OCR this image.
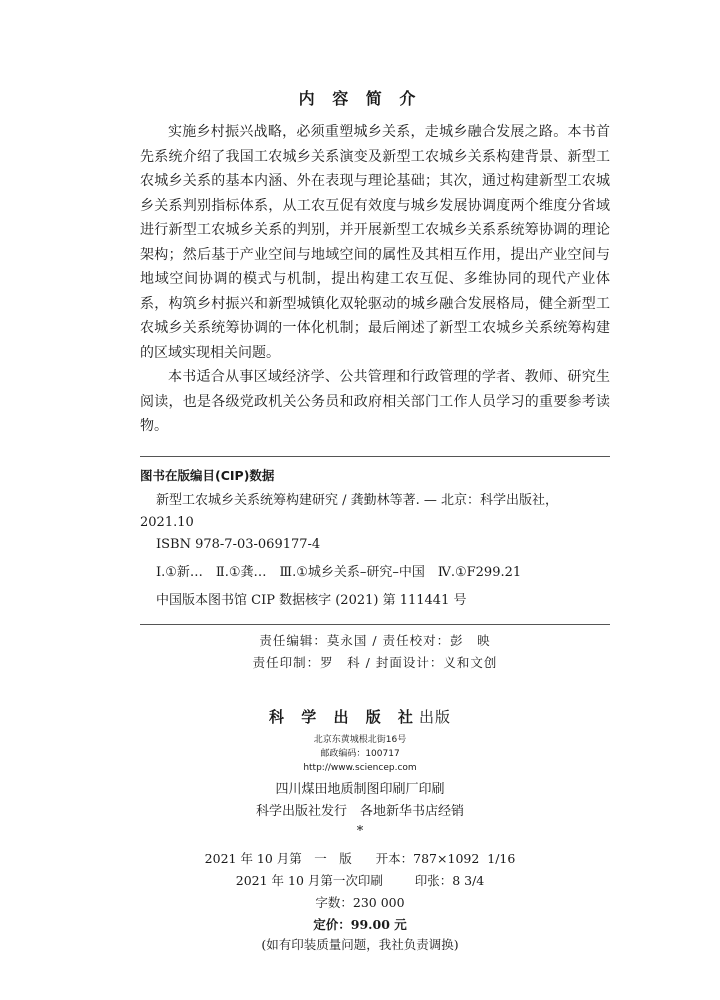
内 容 简 介

实施乡村振兴战略，必须重塑城乡关系，走城乡融合发展之路。本书首先系统介绍了我国工农城乡关系演变及新型工农城乡关系构建背景、新型工农城乡关系的基本内涵、外在表现与理论基础；其次，通过构建新型工农城乡关系判别指标体系，从工农互促有效度与城乡发展协调度两个维度分省域进行新型工农城乡关系的判别，并开展新型工农城乡关系系统筹协调的理论架构；然后基于产业空间与地域空间的属性及其相互作用，提出产业空间与地域空间协调的模式与机制，提出构建工农互促、多维协同的现代产业体系，构筑乡村振兴和新型城镇化双轮驱动的城乡融合发展格局，健全新型工农城乡关系统筹协调的一体化机制；最后阐述了新型工农城乡关系统筹构建的区域实现相关问题。

本书适合从事区域经济学、公共管理和行政管理的学者、教师、研究生阅读，也是各级党政机关公务员和政府相关部门工作人员学习的重要参考读物。

图书在版编目(CIP)数据
新型工农城乡关系统筹构建研究 / 龚勤林等著. — 北京：科学出版社，
2021.10
ISBN 978-7-03-069177-4
Ⅰ.①新…　Ⅱ.①龚…　Ⅲ.①城乡关系–研究–中国　Ⅳ.①F299.21
中国版本图书馆 CIP 数据核字 (2021) 第 111441 号
责任编辑：莫永国 / 责任校对：彭　映
责任印制：罗　科 / 封面设计：义和文创
科 学 出 版 社出版
北京东黄城根北街16号
邮政编码：100717
http://www.sciencep.com
四川煤田地质制图印刷厂印刷
科学出版社发行　各地新华书店经销
*
2021 年 10 月第　一　版 开本：787×1092  1/16
2021 年 10 月第一次印刷	印张：8 3/4
字数：230 000
定价：99.00 元
(如有印装质量问题，我社负责调换)
